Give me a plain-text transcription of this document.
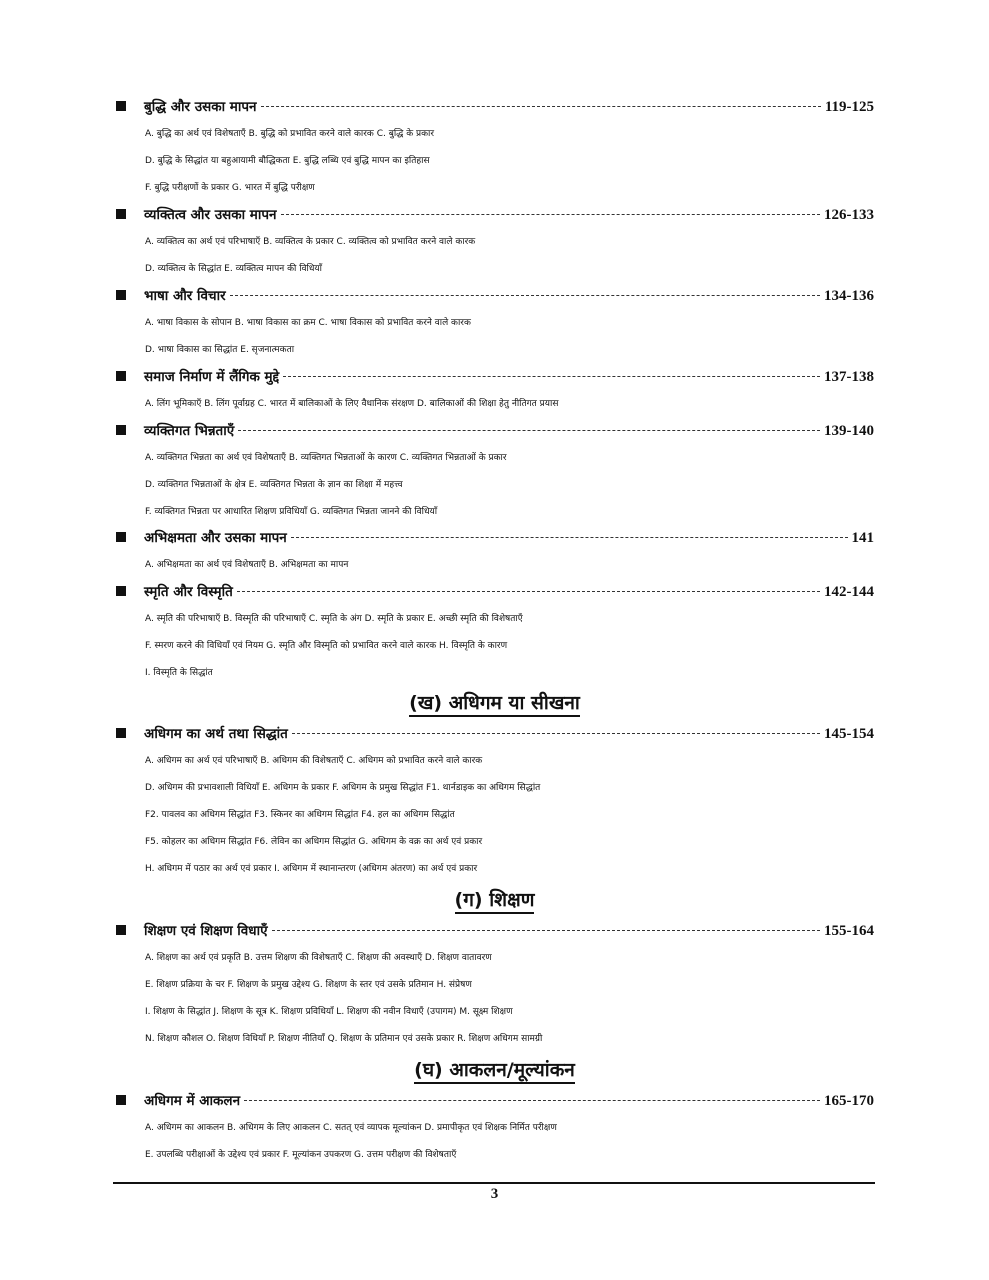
बुद्धि और उसका मापन	119-125
A. बुद्धि का अर्थ एवं विशेषताएँ B. बुद्धि को प्रभावित करने वाले कारक C. बुद्धि के प्रकार
D. बुद्धि के सिद्धांत या बहुआयामी बौद्धिकता E. बुद्धि लब्धि एवं बुद्धि मापन का इतिहास
F. बुद्धि परीक्षणों के प्रकार G. भारत में बुद्धि परीक्षण
व्यक्तित्व और उसका मापन	126-133
A. व्यक्तित्व का अर्थ एवं परिभाषाएँ B. व्यक्तित्व के प्रकार C. व्यक्तित्व को प्रभावित करने वाले कारक
D. व्यक्तित्व के सिद्धांत E. व्यक्तित्व मापन की विधियाँ
भाषा और विचार	134-136
A. भाषा विकास के सोपान B. भाषा विकास का क्रम C. भाषा विकास को प्रभावित करने वाले कारक
D. भाषा विकास का सिद्धांत E. सृजनात्मकता
समाज निर्माण में लैंगिक मुद्दे	137-138
A. लिंग भूमिकाएँ B. लिंग पूर्वाग्रह C. भारत में बालिकाओं के लिए वैधानिक संरक्षण D. बालिकाओं की शिक्षा हेतु नीतिगत प्रयास
व्यक्तिगत भिन्नताएँ	139-140
A. व्यक्तिगत भिन्नता का अर्थ एवं विशेषताएँ B. व्यक्तिगत भिन्नताओं के कारण C. व्यक्तिगत भिन्नताओं के प्रकार
D. व्यक्तिगत भिन्नताओं के क्षेत्र E. व्यक्तिगत भिन्नता के ज्ञान का शिक्षा में महत्त्व
F. व्यक्तिगत भिन्नता पर आधारित शिक्षण प्रविधियाँ G. व्यक्तिगत भिन्नता जानने की विधियाँ
अभिक्षमता और उसका मापन	141
A. अभिक्षमता का अर्थ एवं विशेषताएँ B. अभिक्षमता का मापन
स्मृति और विस्मृति	142-144
A. स्मृति की परिभाषाएँ B. विस्मृति की परिभाषाएँ C. स्मृति के अंग D. स्मृति के प्रकार E. अच्छी स्मृति की विशेषताएँ
F. स्मरण करने की विधियाँ एवं नियम G. स्मृति और विस्मृति को प्रभावित करने वाले कारक H. विस्मृति के कारण
I. विस्मृति के सिद्धांत
(ख) अधिगम या सीखना
अधिगम का अर्थ तथा सिद्धांत	145-154
A. अधिगम का अर्थ एवं परिभाषाएँ B. अधिगम की विशेषताएँ C. अधिगम को प्रभावित करने वाले कारक
D. अधिगम की प्रभावशाली विधियाँ E. अधिगम के प्रकार F. अधिगम के प्रमुख सिद्धांत F1. थार्नडाइक का अधिगम सिद्धांत
F2. पावलव का अधिगम सिद्धांत F3. स्किनर का अधिगम सिद्धांत F4. हल का अधिगम सिद्धांत
F5. कोहलर का अधिगम सिद्धांत F6. लेविन का अधिगम सिद्धांत G. अधिगम के वक्र का अर्थ एवं प्रकार
H. अधिगम में पठार का अर्थ एवं प्रकार I. अधिगम में स्थानान्तरण (अधिगम अंतरण) का अर्थ एवं प्रकार
(ग) शिक्षण
शिक्षण एवं शिक्षण विधाएँ	155-164
A. शिक्षण का अर्थ एवं प्रकृति B. उत्तम शिक्षण की विशेषताएँ C. शिक्षण की अवस्थाएँ D. शिक्षण वातावरण
E. शिक्षण प्रक्रिया के चर F. शिक्षण के प्रमुख उद्देश्य G. शिक्षण के स्तर एवं उसके प्रतिमान H. संप्रेषण
I. शिक्षण के सिद्धांत J. शिक्षण के सूत्र K. शिक्षण प्रविधियाँ L. शिक्षण की नवीन विधाएँ (उपागम) M. सूक्ष्म शिक्षण
N. शिक्षण कौशल O. शिक्षण विधियाँ P. शिक्षण नीतियाँ Q. शिक्षण के प्रतिमान एवं उसके प्रकार R. शिक्षण अधिगम सामग्री
(घ) आकलन/मूल्यांकन
अधिगम में आकलन	165-170
A. अधिगम का आकलन B. अधिगम के लिए आकलन C. सतत् एवं व्यापक मूल्यांकन D. प्रमापीकृत एवं शिक्षक निर्मित परीक्षण
E. उपलब्धि परीक्षाओं के उद्देश्य एवं प्रकार F. मूल्यांकन उपकरण G. उत्तम परीक्षण की विशेषताएँ
3
